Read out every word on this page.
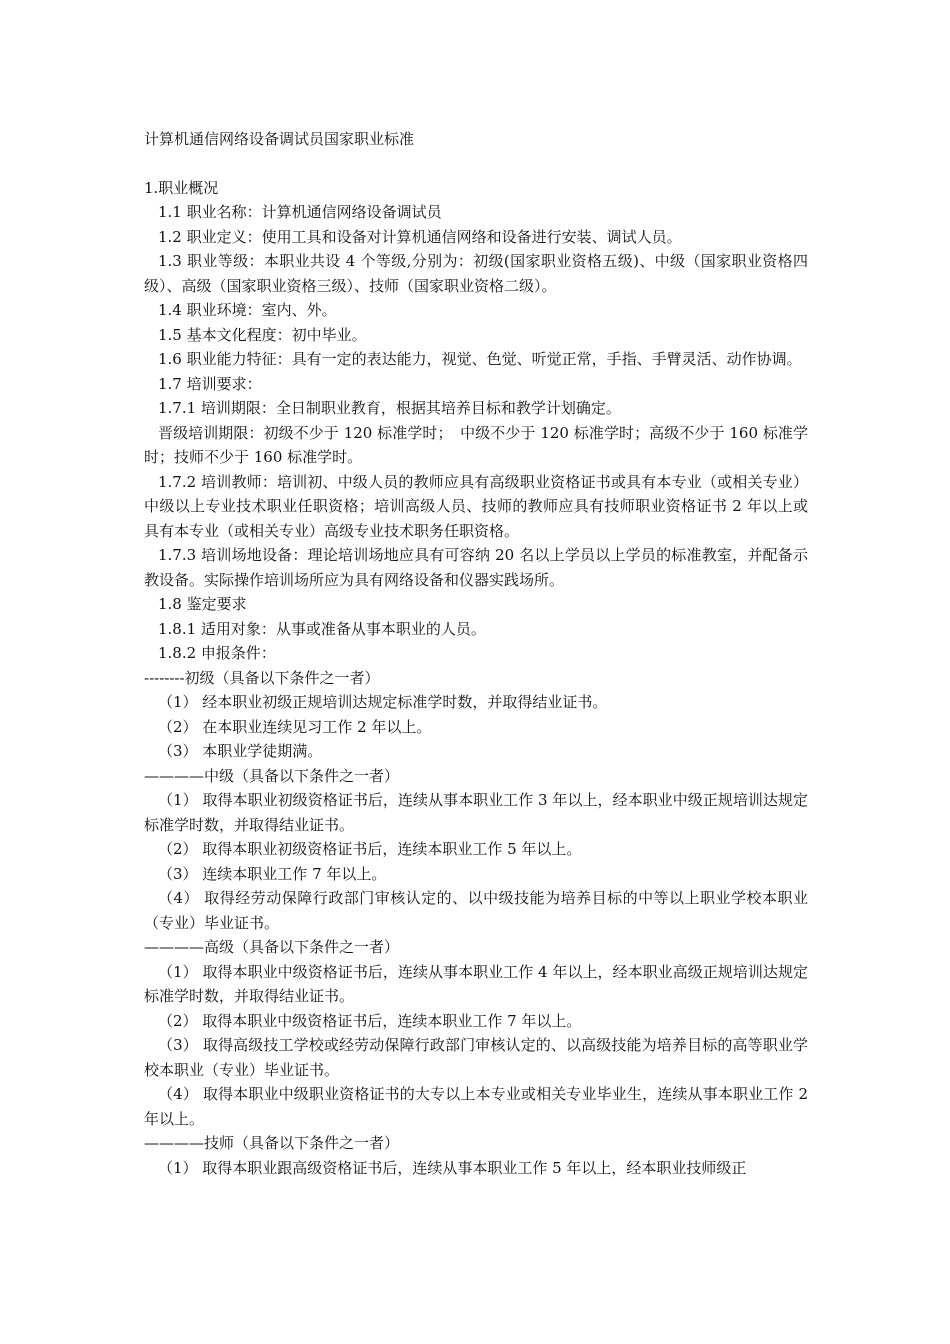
计算机通信网络设备调试员国家职业标准

1.职业概况

1.1 职业名称：计算机通信网络设备调试员

1.2 职业定义：使用工具和设备对计算机通信网络和设备进行安装、调试人员。

1.3 职业等级：本职业共设 4 个等级,分别为：初级(国家职业资格五级)、中级（国家职业资格四级）、高级（国家职业资格三级）、技师（国家职业资格二级）。

1.4 职业环境：室内、外。

1.5 基本文化程度：初中毕业。

1.6 职业能力特征：具有一定的表达能力，视觉、色觉、听觉正常，手指、手臂灵活、动作协调。

1.7 培训要求：

1.7.1 培训期限：全日制职业教育，根据其培养目标和教学计划确定。

晋级培训期限：初级不少于 120 标准学时；　中级不少于 120 标准学时；高级不少于 160 标准学时；技师不少于 160 标准学时。

1.7.2 培训教师：培训初、中级人员的教师应具有高级职业资格证书或具有本专业（或相关专业）中级以上专业技术职业任职资格；培训高级人员、技师的教师应具有技师职业资格证书 2 年以上或具有本专业（或相关专业）高级专业技术职务任职资格。

1.7.3 培训场地设备：理论培训场地应具有可容纳 20 名以上学员以上学员的标准教室，并配备示教设备。实际操作培训场所应为具有网络设备和仪器实践场所。

1.8 鉴定要求

1.8.1 适用对象：从事或准备从事本职业的人员。

1.8.2 申报条件：

--------初级（具备以下条件之一者）

（1） 经本职业初级正规培训达规定标准学时数，并取得结业证书。

（2） 在本职业连续见习工作 2 年以上。

（3） 本职业学徒期满。

————中级（具备以下条件之一者）

（1） 取得本职业初级资格证书后，连续从事本职业工作 3 年以上，经本职业中级正规培训达规定标准学时数，并取得结业证书。

（2） 取得本职业初级资格证书后，连续本职业工作 5 年以上。

（3） 连续本职业工作 7 年以上。

（4） 取得经劳动保障行政部门审核认定的、以中级技能为培养目标的中等以上职业学校本职业（专业）毕业证书。

————高级（具备以下条件之一者）

（1） 取得本职业中级资格证书后，连续从事本职业工作 4 年以上，经本职业高级正规培训达规定标准学时数，并取得结业证书。

（2） 取得本职业中级资格证书后，连续本职业工作 7 年以上。

（3） 取得高级技工学校或经劳动保障行政部门审核认定的、以高级技能为培养目标的高等职业学校本职业（专业）毕业证书。

（4） 取得本职业中级职业资格证书的大专以上本专业或相关专业毕业生，连续从事本职业工作 2 年以上。

————技师（具备以下条件之一者）

（1） 取得本职业跟高级资格证书后，连续从事本职业工作 5 年以上，经本职业技师级正
